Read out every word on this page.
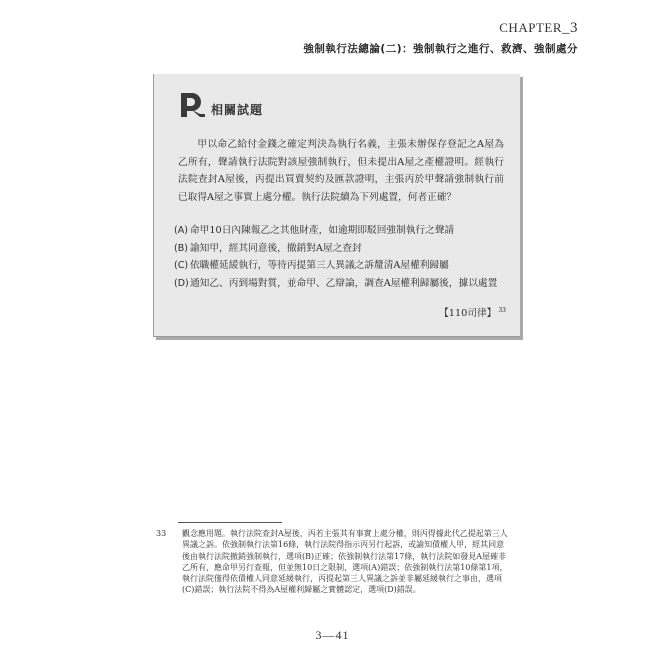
CHAPTER_3
強制執行法總論(二)：強制執行之進行、救濟、強制處分
相關試題

甲以命乙給付金錢之確定判決為執行名義，主張未辦保存登記之A屋為乙所有，聲請執行法院對該屋強制執行，但未提出A屋之產權證明。經執行法院查封A屋後，丙提出買賣契約及匯款證明，主張丙於甲聲請強制執行前已取得A屋之事實上處分權。執行法院續為下列處置，何者正確？

(A) 命甲10日內陳報乙之其他財產，如逾期即駁回強制執行之聲請
(B) 諭知甲，經其同意後，撤銷對A屋之查封
(C) 依職權延緩執行，等待丙提第三人異議之訴釐清A屋權利歸屬
(D) 通知乙、丙到場對質，並命甲、乙辯論，調查A屋權利歸屬後，據以處置
【110司律】 $^{33}$
33 觀念應用題。執行法院查封A屋後，丙若主張其有事實上處分權，則丙得據此代乙提起第三人異議之訴。依強制執行法第16條，執行法院得指示丙另行起訴，或諭知債權人甲，經其同意後由執行法院撤銷強制執行，選項(B)正確；依強制執行法第17條，執行法院如發見A屋確非乙所有，應命甲另行查報，但並無10日之限制，選項(A)錯誤；依強制執行法第10條第1項，執行法院僅得依債權人同意延緩執行，丙提起第三人異議之訴並非屬延緩執行之事由，選項(C)錯誤；執行法院不得為A屋權利歸屬之實體認定，選項(D)錯誤。
3—41
